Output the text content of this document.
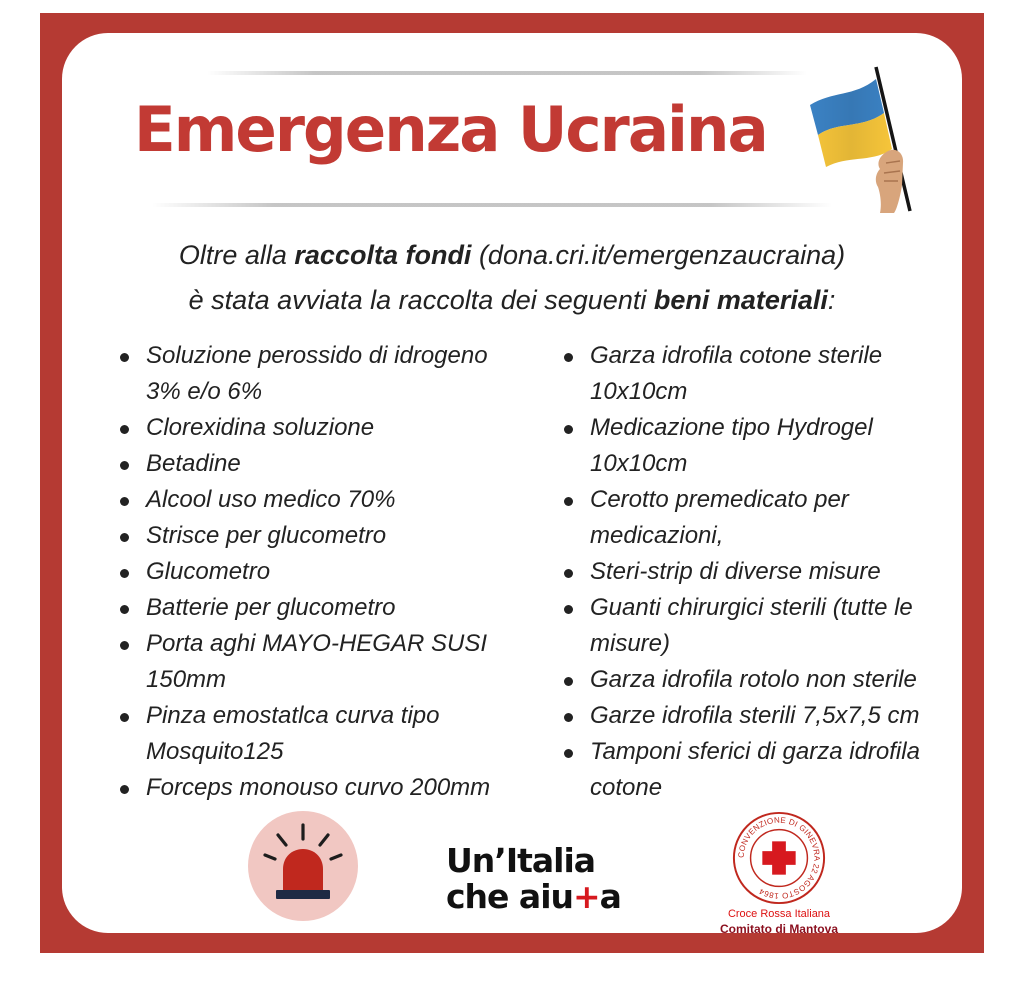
Emergenza Ucraina
Oltre alla raccolta fondi (dona.cri.it/emergenzaucraina)
è stata avviata la raccolta dei seguenti beni materiali:
Soluzione perossido di idrogeno
3% e/o 6%
Clorexidina soluzione
Betadine
Alcool uso medico 70%
Strisce per glucometro
Glucometro
Batterie per glucometro
Porta aghi MAYO-HEGAR SUSI
150mm
Pinza emostatlca curva tipo
Mosquito125
Forceps monouso curvo 200mm
Garza idrofila cotone sterile
10x10cm
Medicazione tipo Hydrogel
10x10cm
Cerotto premedicato per
medicazioni,
Steri-strip di diverse misure
Guanti chirurgici sterili (tutte le
misure)
Garza idrofila rotolo non sterile
Garze idrofila sterili 7,5x7,5 cm
Tamponi sferici di garza idrofila
cotone
Un’Italia
che aiu+a
CONVENZIONE DI GINEVRA 22 AGOSTO 1864
Croce Rossa Italiana
Comitato di Mantova
